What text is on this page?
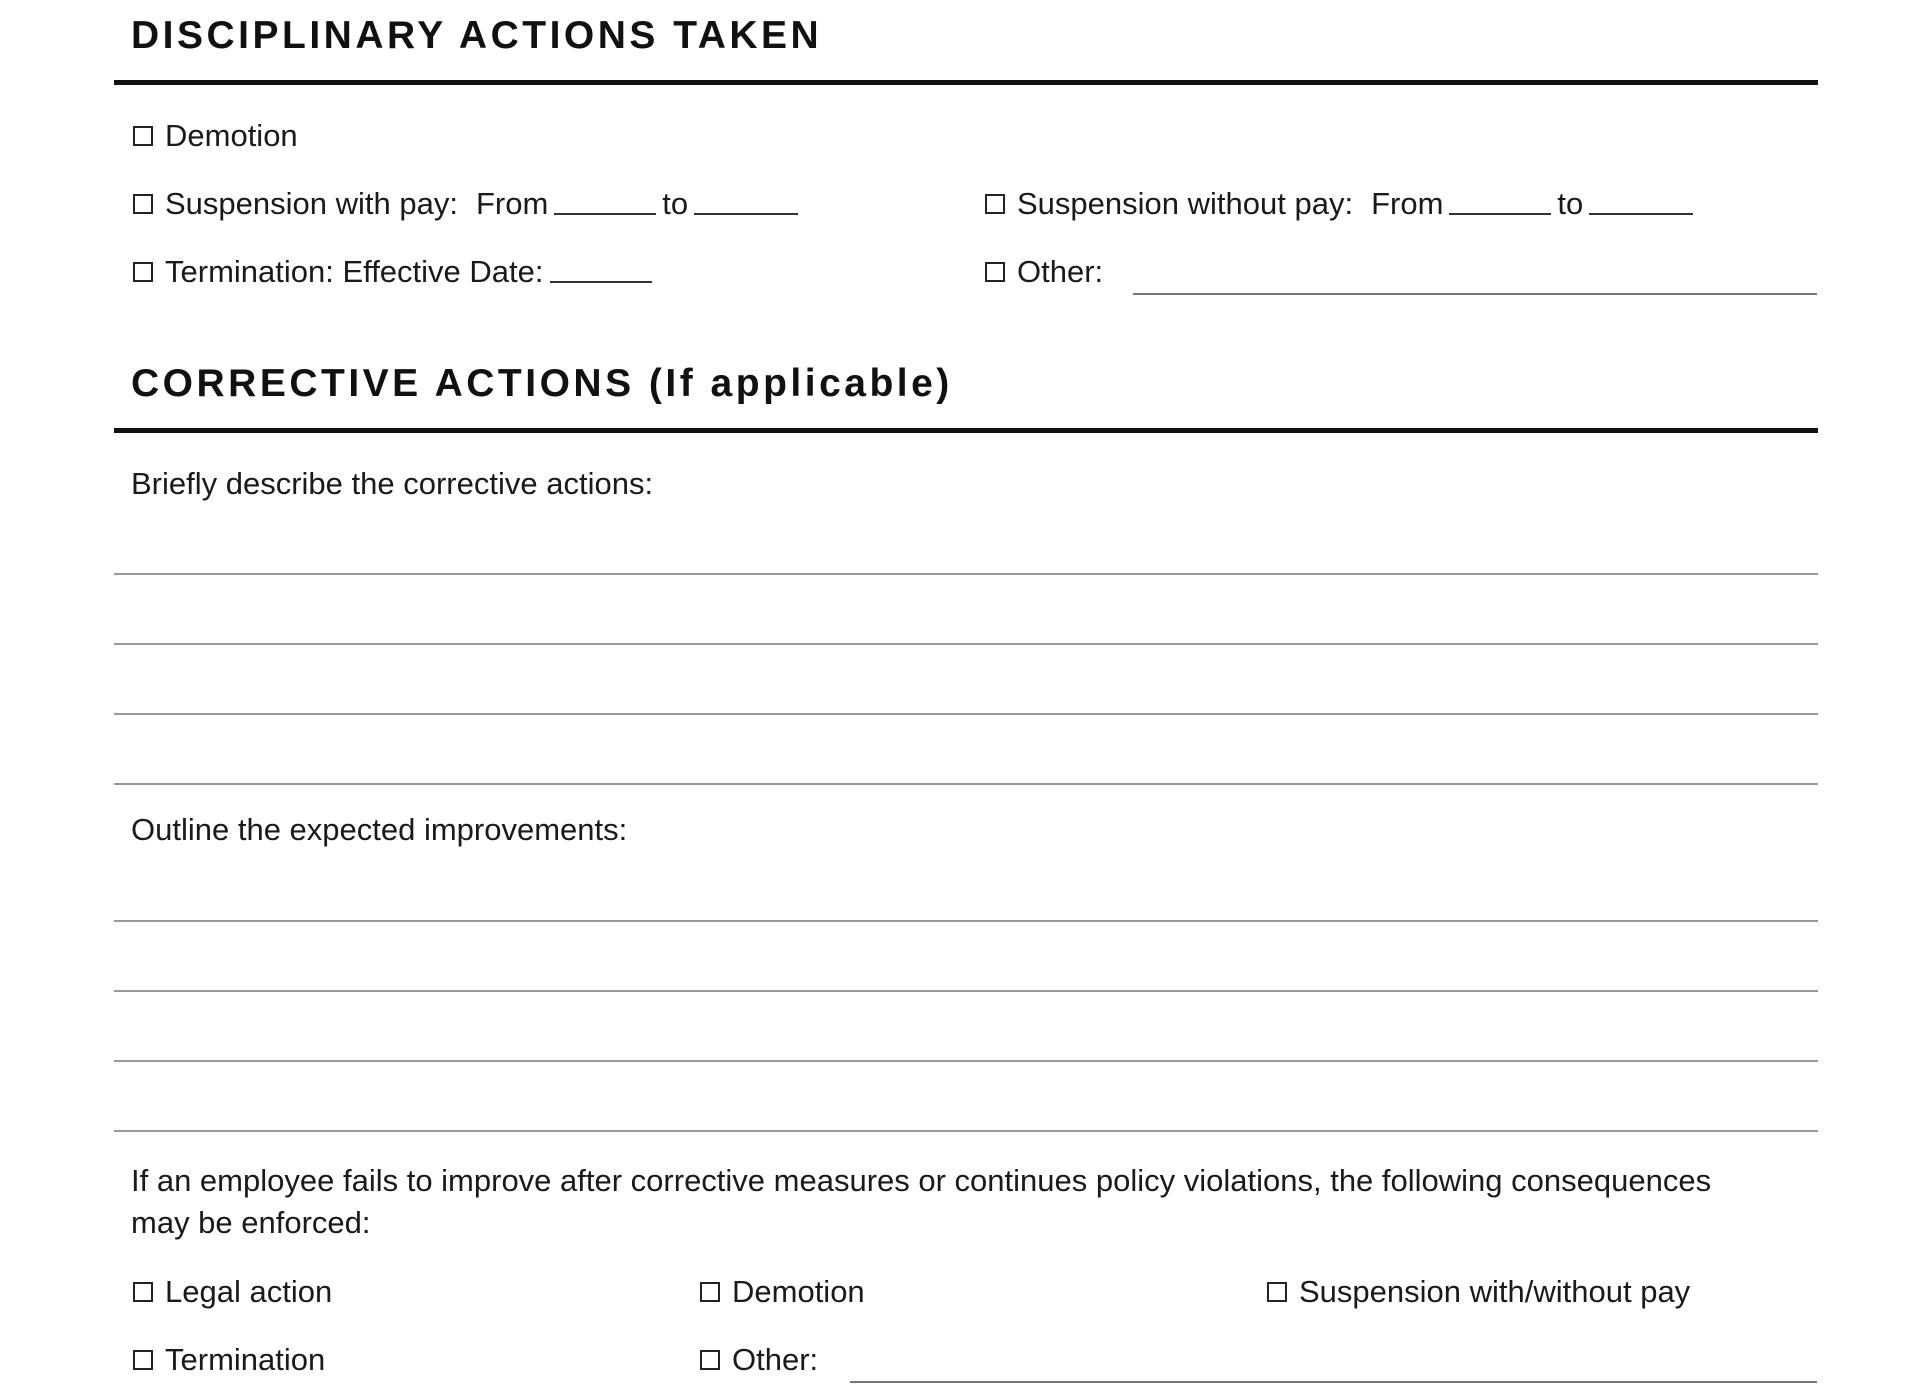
DISCIPLINARY ACTIONS TAKEN
Demotion
Suspension with pay: From	to	Suspension without pay: From	to
Termination: Effective Date:	Other:
CORRECTIVE ACTIONS (If applicable)
Briefly describe the corrective actions:
Outline the expected improvements:
If an employee fails to improve after corrective measures or continues policy violations, the following consequences
may be enforced:
Legal action	Demotion	Suspension with/without pay
Termination	Other:
